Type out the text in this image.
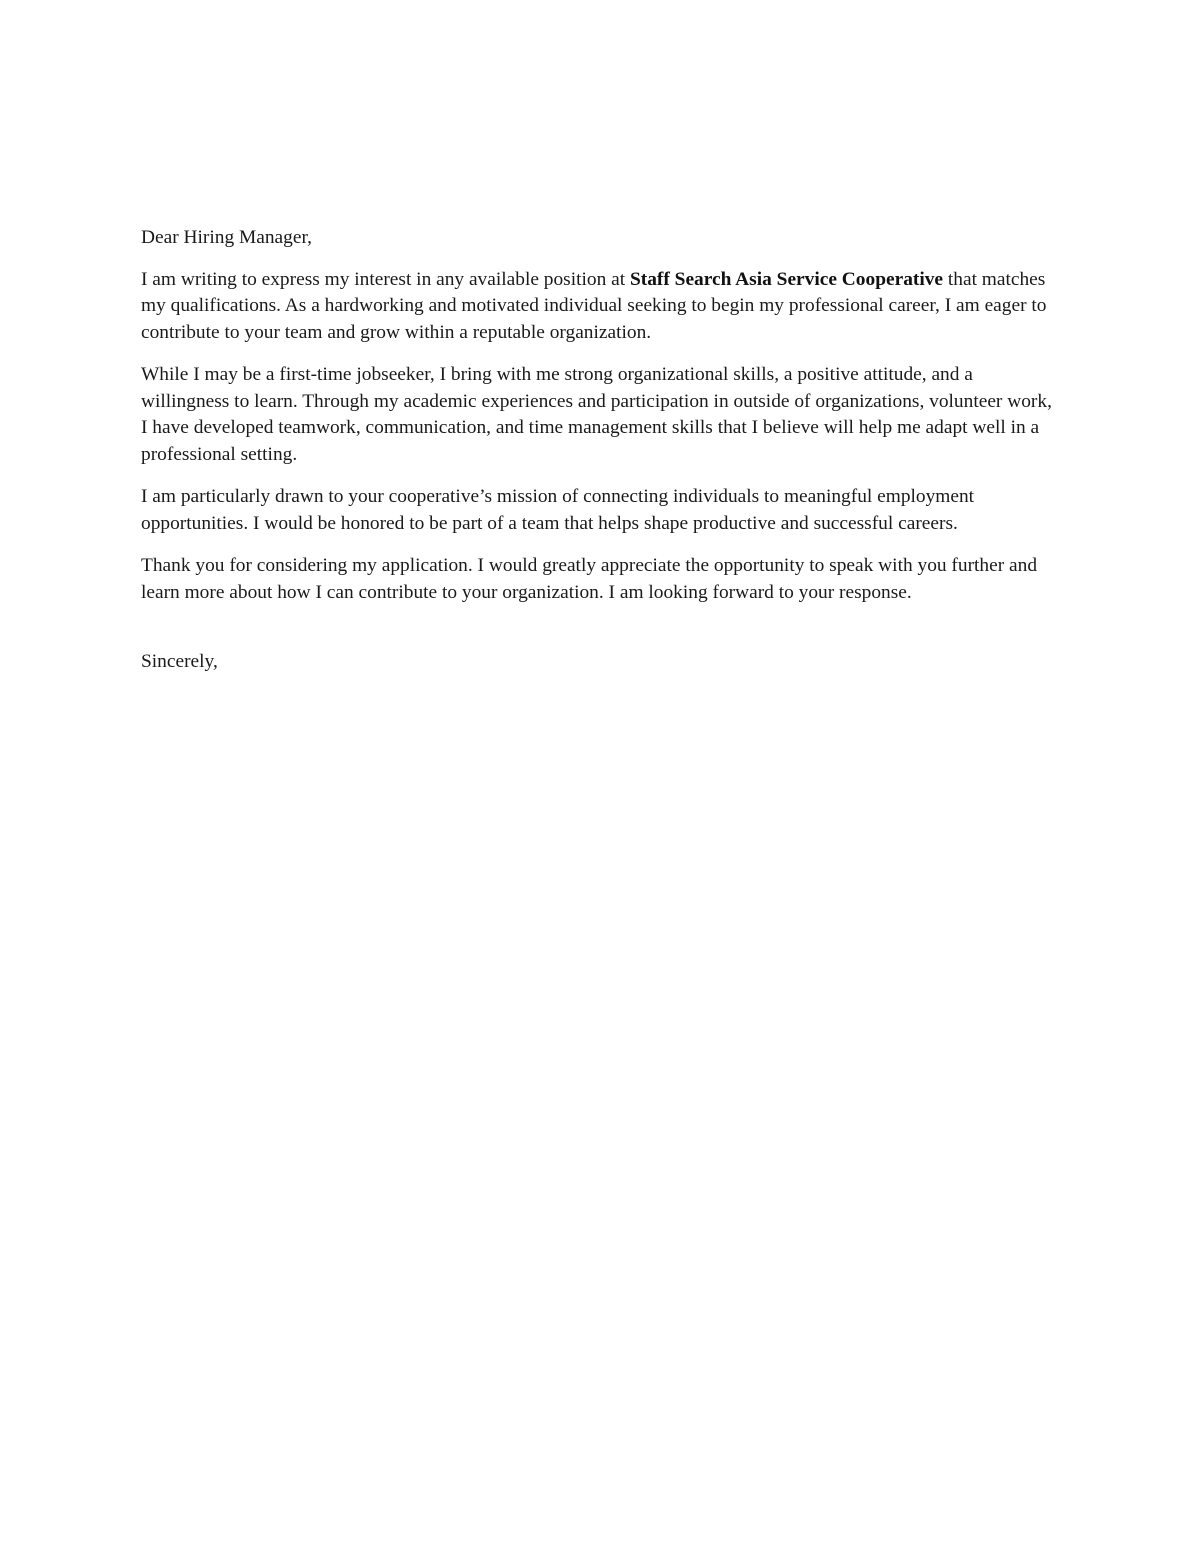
Dear Hiring Manager,

I am writing to express my interest in any available position at Staff Search Asia Service Cooperative that matches my qualifications. As a hardworking and motivated individual seeking to begin my professional career, I am eager to contribute to your team and grow within a reputable organization.

While I may be a first-time jobseeker, I bring with me strong organizational skills, a positive attitude, and a willingness to learn. Through my academic experiences and participation in outside of organizations, volunteer work, I have developed teamwork, communication, and time management skills that I believe will help me adapt well in a professional setting.

I am particularly drawn to your cooperative’s mission of connecting individuals to meaningful employment opportunities. I would be honored to be part of a team that helps shape productive and successful careers.

Thank you for considering my application. I would greatly appreciate the opportunity to speak with you further and learn more about how I can contribute to your organization. I am looking forward to your response.

Sincerely,
